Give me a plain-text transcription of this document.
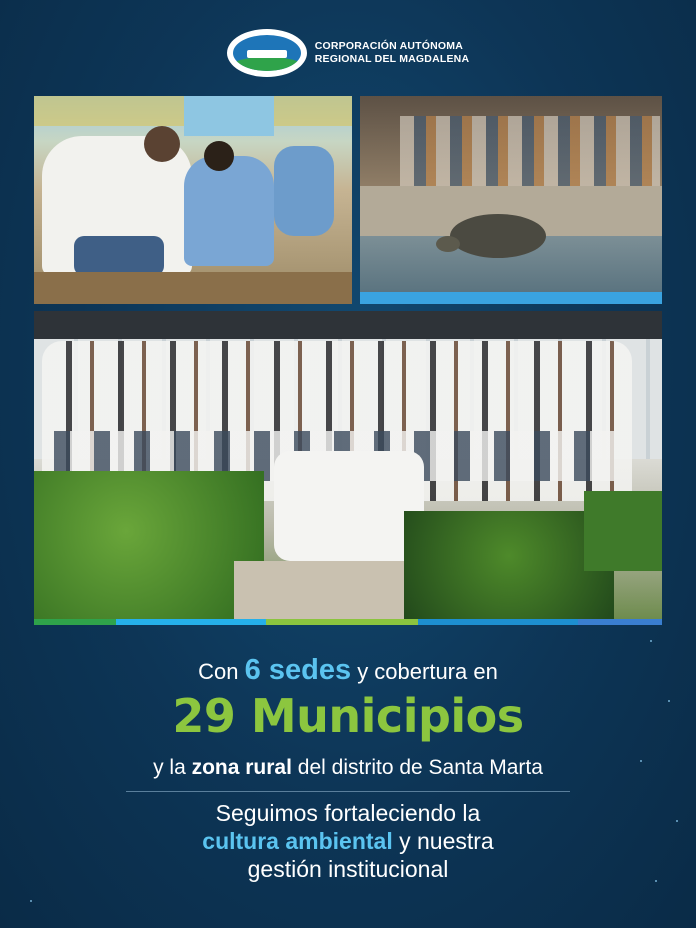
CORPORACIÓN AUTÓNOMA
REGIONAL DEL MAGDALENA
Con 6 sedes y cobertura en
29 Municipios
y la zona rural del distrito de Santa Marta
Seguimos fortaleciendo la
cultura ambiental y nuestra
gestión institucional
